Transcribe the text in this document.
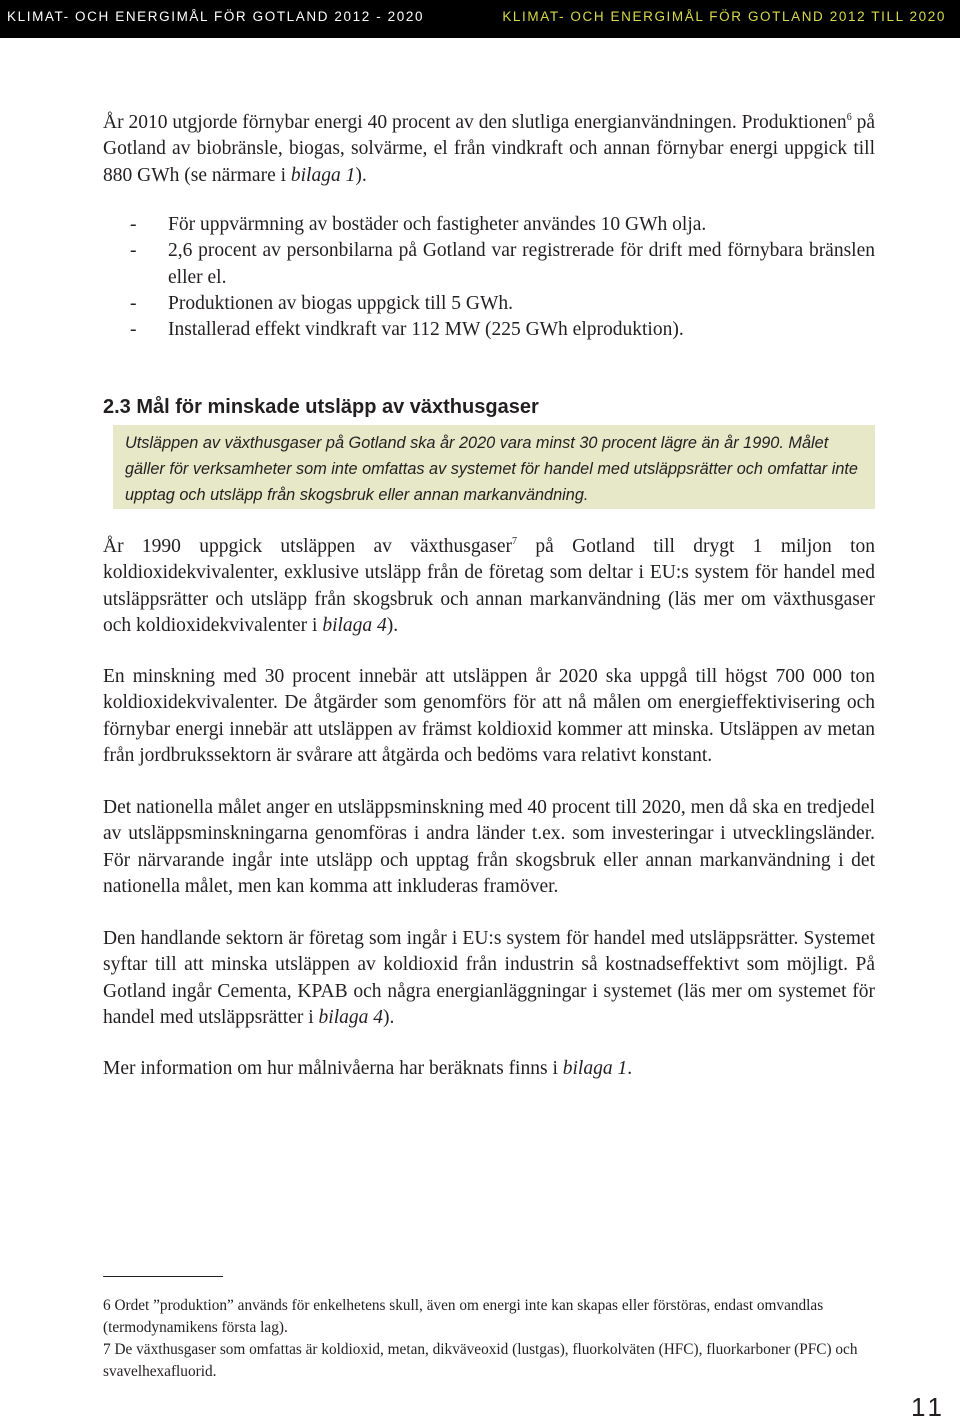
KLIMAT- OCH ENERGIMÅL FÖR GOTLAND 2012 - 2020	KLIMAT- OCH ENERGIMÅL FÖR GOTLAND 2012 TILL 2020

År 2010 utgjorde förnybar energi 40 procent av den slutliga energianvändningen. Produktionen$^6$ på Gotland av biobränsle, biogas, solvärme, el från vindkraft och annan förnybar energi uppgick till 880 GWh (se närmare i bilaga 1).

- För uppvärmning av bostäder och fastigheter användes 10 GWh olja.
- 2,6 procent av personbilarna på Gotland var registrerade för drift med förnybara bränslen eller el.
- Produktionen av biogas uppgick till 5 GWh.
- Installerad effekt vindkraft var 112 MW (225 GWh elproduktion).
2.3 Mål för minskade utsläpp av växthusgaser

Utsläppen av växthusgaser på Gotland ska år 2020 vara minst 30 procent lägre än år 1990. Målet gäller för verksamheter som inte omfattas av systemet för handel med utsläppsrätter och omfattar inte upptag och utsläpp från skogsbruk eller annan markanvändning.

År 1990 uppgick utsläppen av växthusgaser$^7$ på Gotland till drygt 1 miljon ton koldioxidekvivalenter, exklusive utsläpp från de företag som deltar i EU:s system för handel med utsläppsrätter och utsläpp från skogsbruk och annan markanvändning (läs mer om växthusgaser och koldioxidekvivalenter i bilaga 4).

En minskning med 30 procent innebär att utsläppen år 2020 ska uppgå till högst 700 000 ton koldioxidekvivalenter. De åtgärder som genomförs för att nå målen om energieffektivisering och förnybar energi innebär att utsläppen av främst koldioxid kommer att minska. Utsläppen av metan från jordbrukssektorn är svårare att åtgärda och bedöms vara relativt konstant.

Det nationella målet anger en utsläppsminskning med 40 procent till 2020, men då ska en tredjedel av utsläppsminskningarna genomföras i andra länder t.ex. som investeringar i utvecklingsländer. För närvarande ingår inte utsläpp och upptag från skogsbruk eller annan markanvändning i det nationella målet, men kan komma att inkluderas framöver.

Den handlande sektorn är företag som ingår i EU:s system för handel med utsläppsrätter. Systemet syftar till att minska utsläppen av koldioxid från industrin så kostnadseffektivt som möjligt. På Gotland ingår Cementa, KPAB och några energianläggningar i systemet (läs mer om systemet för handel med utsläppsrätter i bilaga 4).

Mer information om hur målnivåerna har beräknats finns i bilaga 1.

6 Ordet ”produktion” används för enkelhetens skull, även om energi inte kan skapas eller förstöras, endast omvandlas (termodynamikens första lag).

7 De växthusgaser som omfattas är koldioxid, metan, dikväveoxid (lustgas), fluorkolväten (HFC), fluorkarboner (PFC) och svavelhexafluorid.

11
